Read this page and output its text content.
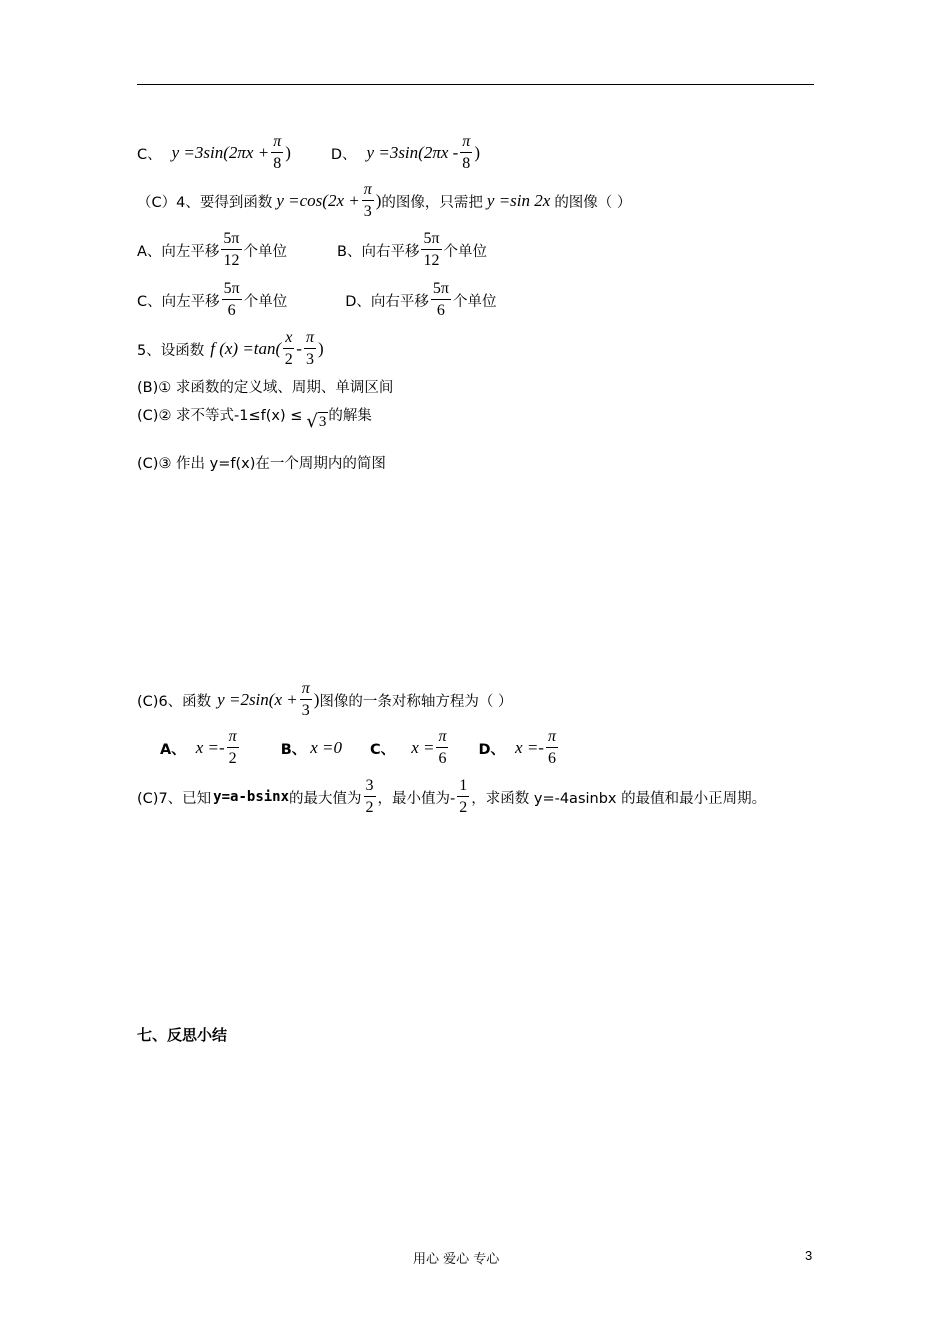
C、 $y =3\sin(2\pi x + \frac{\pi}{8}$ )	D、 $y =3\sin(2\pi x - \frac{\pi}{8}$ )
（C）4、要得到函数 $y =\cos(2x + \frac{\pi}{3}$ ) 的图像，只需把 y =sin 2x 的图像（ ）
A、向左平移 $\frac{5\pi}{12}$ 个单位	B、向右平移 $\frac{5\pi}{12}$ 个单位
C、向左平移 $\frac{5\pi}{6}$ 个单位	D、向右平移 $\frac{5\pi}{6}$ 个单位
5、设函数 f $(x) =\tan( \frac{x}{2} - \frac{\pi}{3}$ )
(B)① 求函数的定义域、周期、单调区间
(C)② 求不等式-1≤f(x) ≤ √ 3 的解集
(C)③ 作出 y=f(x)在一个周期内的简图
(C)6、函数 $y =2\sin(x + \frac{\pi}{3}$ ) 图像的一条对称轴方程为（ ）
A、 $x =- \frac{\pi}{2}$	B、 x =0 C、 $x = \frac{\pi}{6}$ D、 $x =- \frac{\pi}{6}$
(C)7、已知 y=a-bsinx 的最大值为 $\frac{3}{2}$ ，最小值为- $\frac{1}{2}$ ，求函数 y=-4asinbx 的最值和最小正周期。
七、反思小结
用心 爱心 专心	3
